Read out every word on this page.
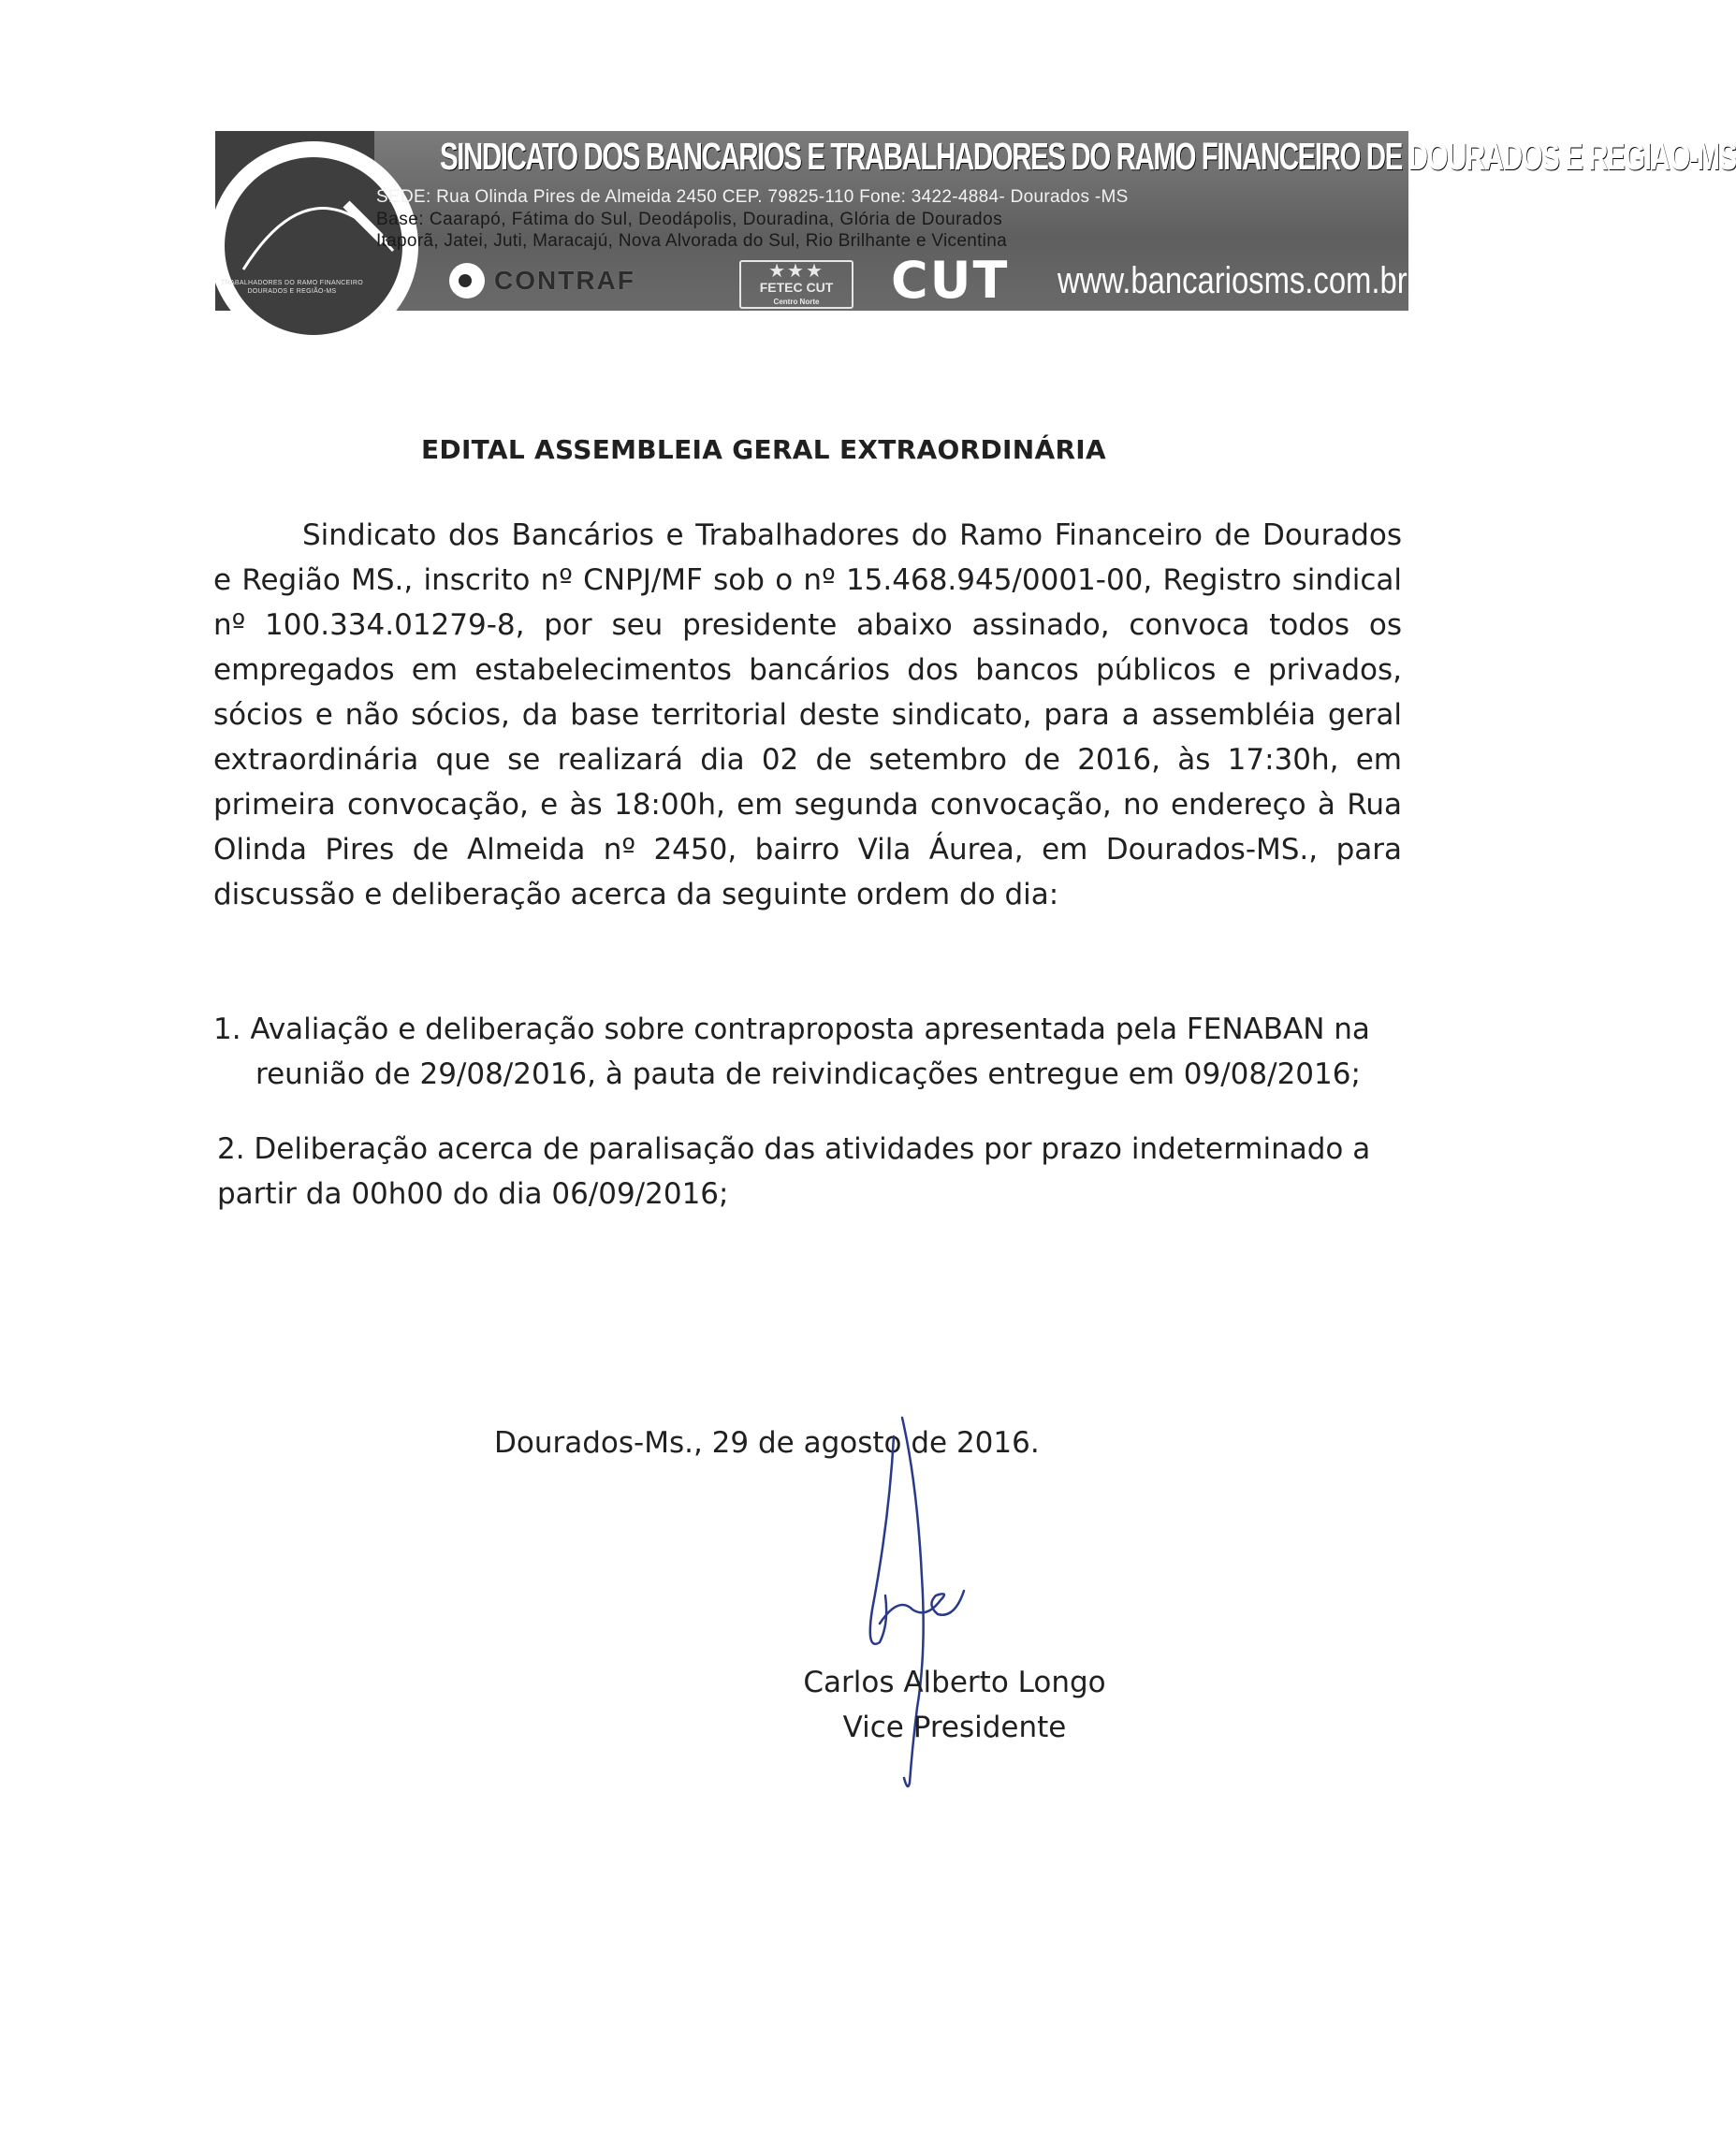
TRABALHADORES DO RAMO FINANCEIRO DOURADOS E REGIÃO-MS
SINDICATO DOS BANCARIOS E TRABALHADORES DO RAMO FINANCEIRO DE DOURADOS E REGIAO-MS
SEDE: Rua Olinda Pires de Almeida 2450 CEP. 79825-110 Fone: 3422-4884- Dourados -MS
Base: Caarapó, Fátima do Sul, Deodápolis, Douradina, Glória de Dourados
Itaporã, Jatei, Juti, Maracajú, Nova Alvorada do Sul, Rio Brilhante e Vicentina
CONTRAF	★★★
FETEC CUT
Centro Norte	CUT www.bancariosms.com.br
EDITAL ASSEMBLEIA GERAL EXTRAORDINÁRIA
Sindicato dos Bancários e Trabalhadores do Ramo Financeiro de Dourados e Região MS., inscrito nº CNPJ/MF sob o nº 15.468.945/0001-00, Registro sindical nº 100.334.01279-8, por seu presidente abaixo assinado, convoca todos os empregados em estabelecimentos bancários dos bancos públicos e privados, sócios e não sócios, da base territorial deste sindicato, para a assembléia geral extraordinária que se realizará dia 02 de setembro de 2016, às 17:30h, em primeira convocação, e às 18:00h, em segunda convocação, no endereço à Rua Olinda Pires de Almeida nº 2450, bairro Vila Áurea, em Dourados-MS., para discussão e deliberação acerca da seguinte ordem do dia:
1. Avaliação e deliberação sobre contraproposta apresentada pela FENABAN na reunião de 29/08/2016, à pauta de reivindicações entregue em 09/08/2016;
2. Deliberação acerca de paralisação das atividades por prazo indeterminado a partir da 00h00 do dia 06/09/2016;
Dourados-Ms., 29 de agosto de 2016.
Carlos Alberto Longo
Vice Presidente
